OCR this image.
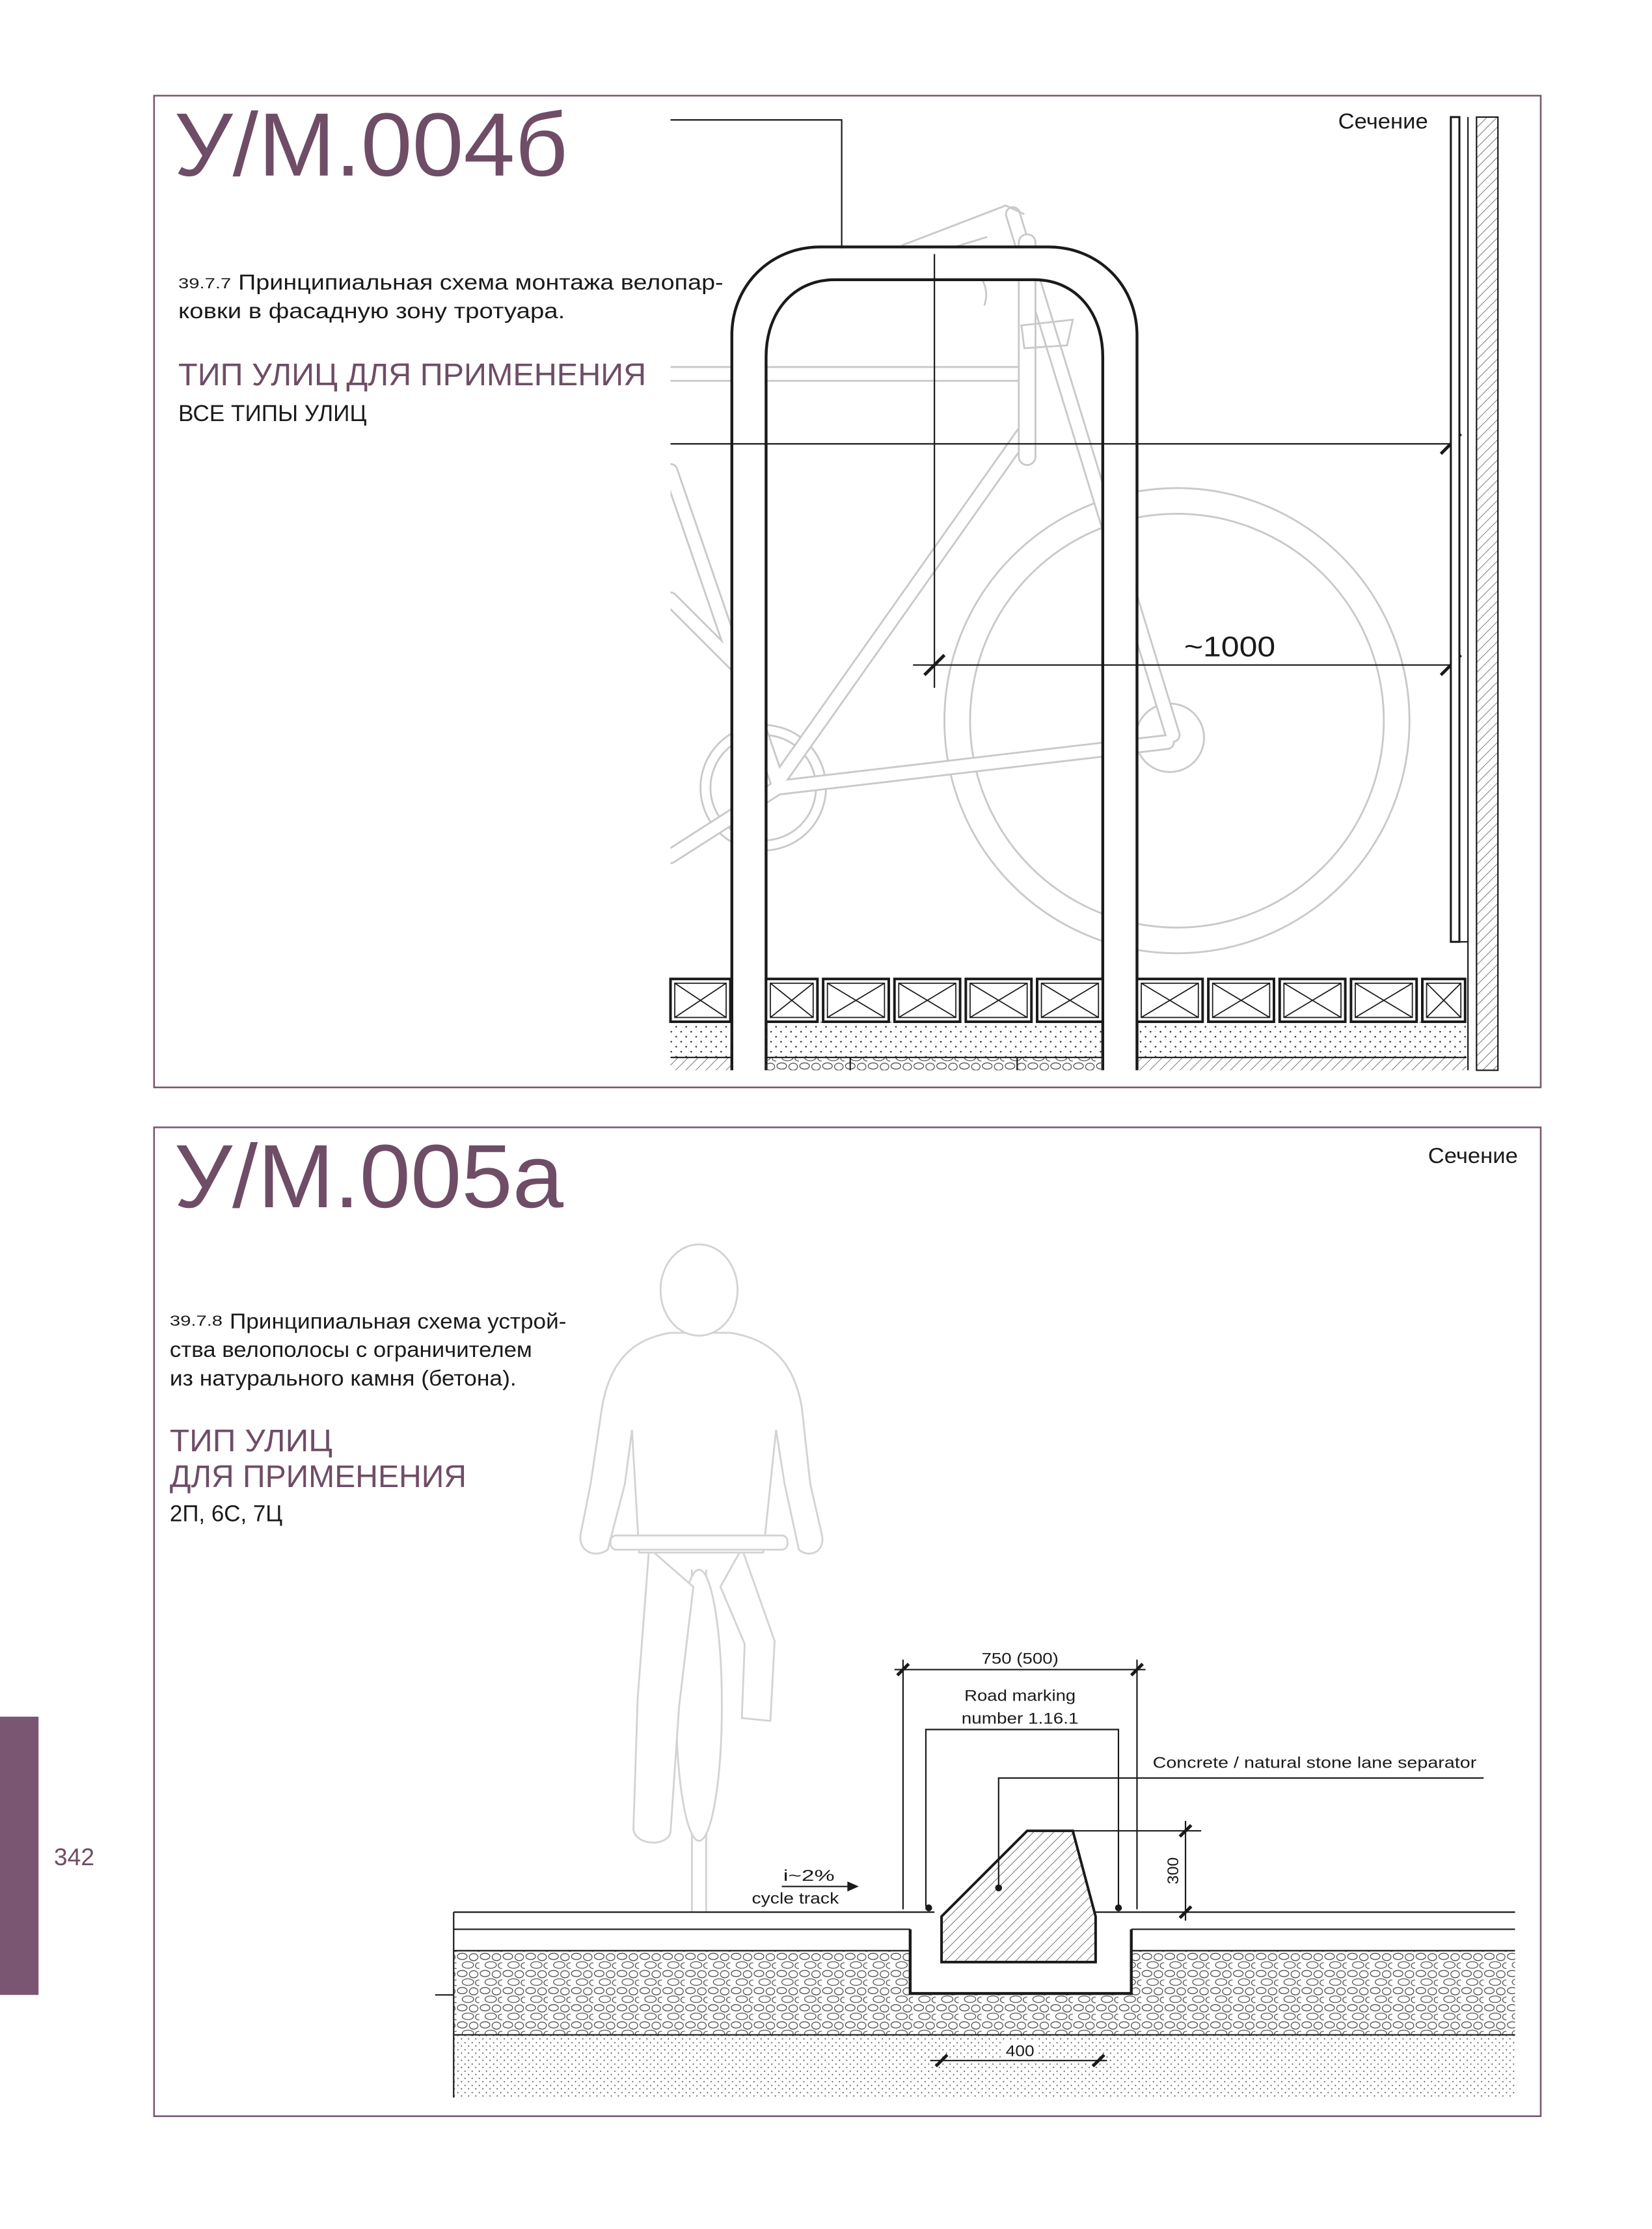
342
У/М.004б	Сечение
39.7.7 Принципиальная схема монтажа велопар-
ковки в фасадную зону тротуара.
ТИП УЛИЦ ДЛЯ ПРИМЕНЕНИЯ
ВСЕ ТИПЫ УЛИЦ
~1000
У/М.005а	Сечение
39.7.8 Принципиальная схема устрой-
ства велополосы с ограничителем
из натурального камня (бетона).
ТИП УЛИЦ
ДЛЯ ПРИМЕНЕНИЯ
2П, 6С, 7Ц
750 (500)
Road marking
number 1.16.1
Concrete / natural stone lane separator
300
i~2%
cycle track
400
